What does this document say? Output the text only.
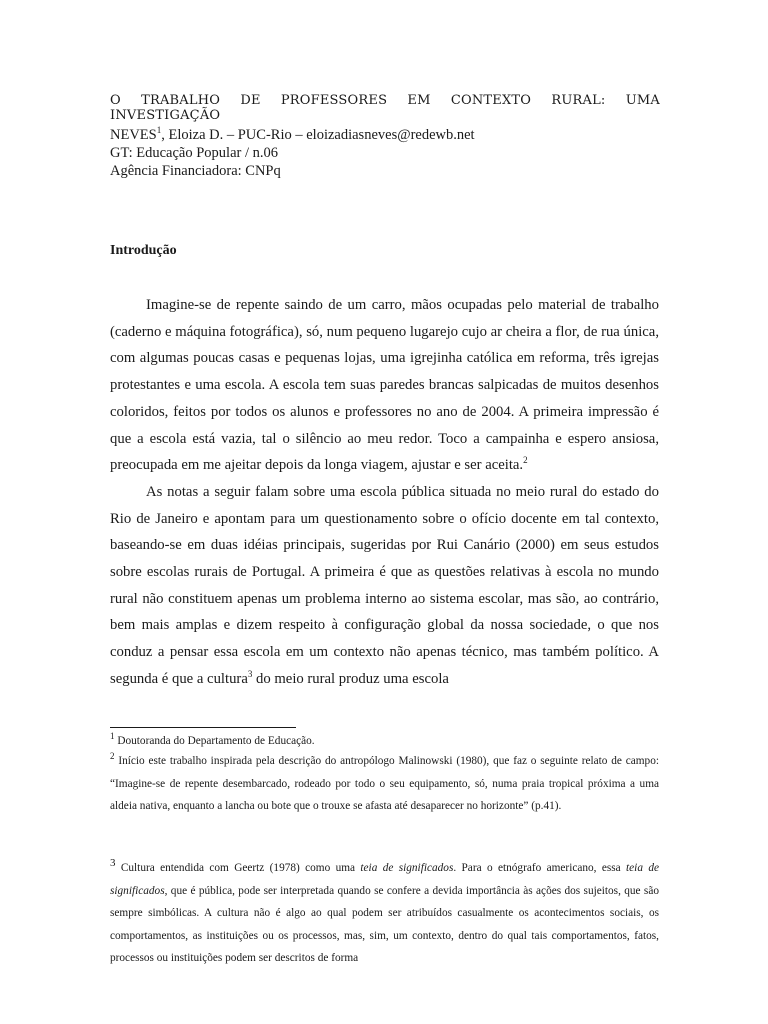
O TRABALHO DE PROFESSORES EM CONTEXTO RURAL: UMA INVESTIGAÇÃO
NEVES$^1$, Eloiza D. – PUC-Rio – eloizadiasneves@redewb.net
GT: Educação Popular / n.06
Agência Financiadora: CNPq
Introdução

Imagine-se de repente saindo de um carro, mãos ocupadas pelo material de trabalho (caderno e máquina fotográfica), só, num pequeno lugarejo cujo ar cheira a flor, de rua única, com algumas poucas casas e pequenas lojas, uma igrejinha católica em reforma, três igrejas protestantes e uma escola. A escola tem suas paredes brancas salpicadas de muitos desenhos coloridos, feitos por todos os alunos e professores no ano de 2004. A primeira impressão é que a escola está vazia, tal o silêncio ao meu redor. Toco a campainha e espero ansiosa, preocupada em me ajeitar depois da longa viagem, ajustar e ser aceita.$^2$

As notas a seguir falam sobre uma escola pública situada no meio rural do estado do Rio de Janeiro e apontam para um questionamento sobre o ofício docente em tal contexto, baseando-se em duas idéias principais, sugeridas por Rui Canário (2000) em seus estudos sobre escolas rurais de Portugal. A primeira é que as questões relativas à escola no mundo rural não constituem apenas um problema interno ao sistema escolar, mas são, ao contrário, bem mais amplas e dizem respeito à configuração global da nossa sociedade, o que nos conduz a pensar essa escola em um contexto não apenas técnico, mas também político. A segunda é que a cultura$^3$ do meio rural produz uma escola

$^1$ Doutoranda do Departamento de Educação.

$^2$ Início este trabalho inspirada pela descrição do antropólogo Malinowski (1980), que faz o seguinte relato de campo: “Imagine-se de repente desembarcado, rodeado por todo o seu equipamento, só, numa praia tropical próxima a uma aldeia nativa, enquanto a lancha ou bote que o trouxe se afasta até desaparecer no horizonte” (p.41).

3 Cultura entendida com Geertz (1978) como uma teia de significados. Para o etnógrafo americano, essa teia de significados, que é pública, pode ser interpretada quando se confere a devida importância às ações dos sujeitos, que são sempre simbólicas. A cultura não é algo ao qual podem ser atribuídos casualmente os acontecimentos sociais, os comportamentos, as instituições ou os processos, mas, sim, um contexto, dentro do qual tais comportamentos, fatos, processos ou instituições podem ser descritos de forma
